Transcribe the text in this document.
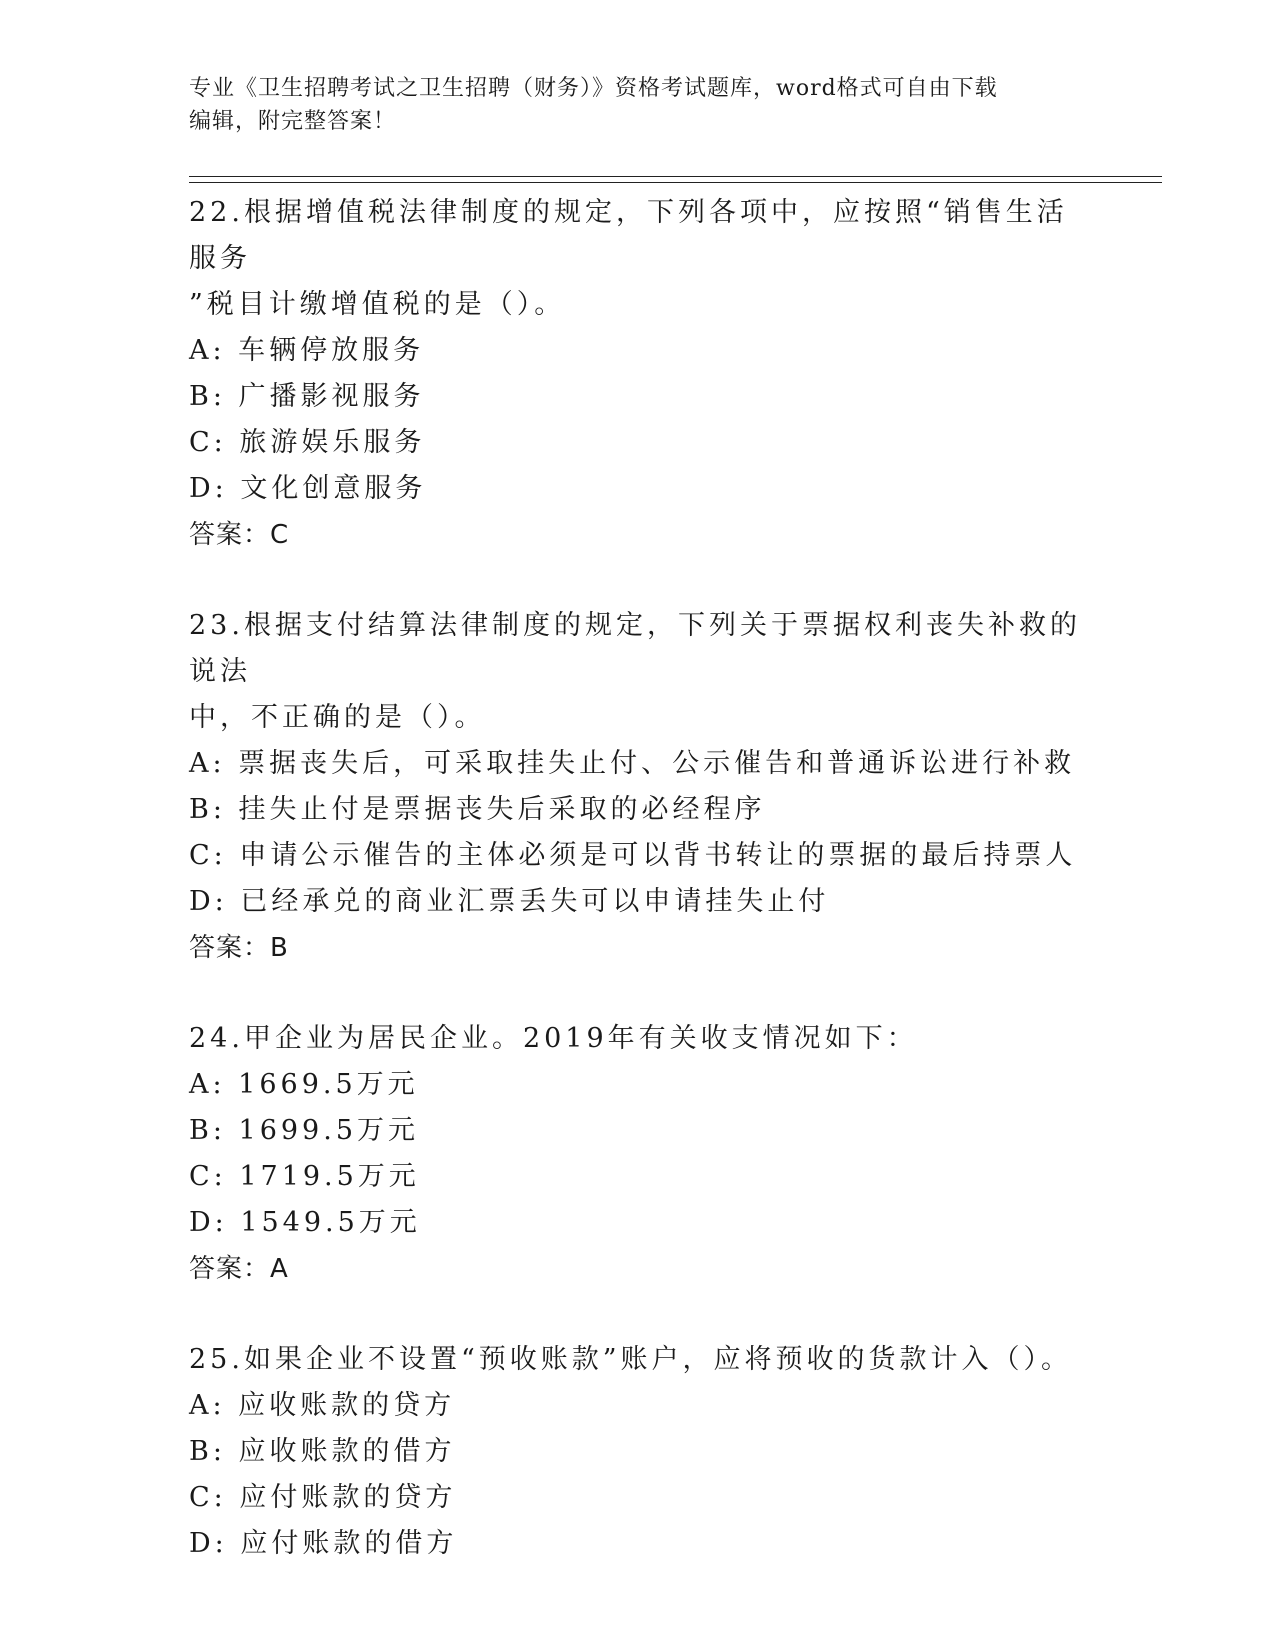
专业《卫生招聘考试之卫生招聘（财务）》资格考试题库，word格式可自由下载
编辑，附完整答案！

22.根据增值税法律制度的规定，下列各项中，应按照“销售生活服务

”税目计缴增值税的是（）。

A: 车辆停放服务

B: 广播影视服务

C: 旅游娱乐服务

D: 文化创意服务

答案：C

23.根据支付结算法律制度的规定，下列关于票据权利丧失补救的说法

中，不正确的是（）。

A: 票据丧失后，可采取挂失止付、公示催告和普通诉讼进行补救

B: 挂失止付是票据丧失后采取的必经程序

C: 申请公示催告的主体必须是可以背书转让的票据的最后持票人

D: 已经承兑的商业汇票丢失可以申请挂失止付

答案：B

24.甲企业为居民企业。2019年有关收支情况如下：

A: 1669.5万元

B: 1699.5万元

C: 1719.5万元

D: 1549.5万元

答案：A

25.如果企业不设置“预收账款”账户，应将预收的货款计入（）。

A: 应收账款的贷方

B: 应收账款的借方

C: 应付账款的贷方

D: 应付账款的借方
